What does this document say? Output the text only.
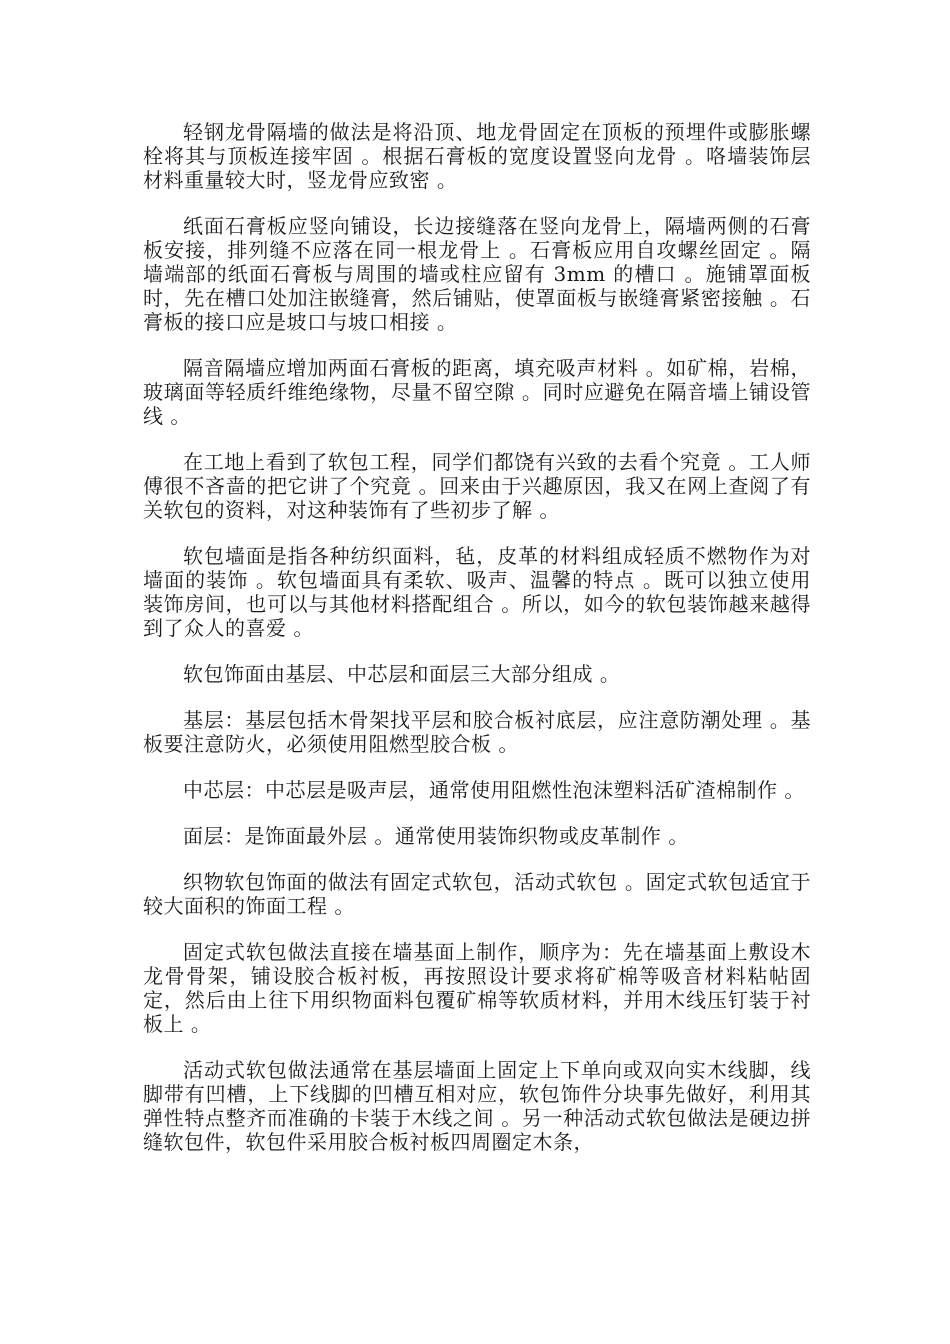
轻钢龙骨隔墙的做法是将沿顶、地龙骨固定在顶板的预埋件或膨胀螺栓将其与顶板连接牢固 。根据石膏板的宽度设置竖向龙骨 。咯墙装饰层材料重量较大时，竖龙骨应致密 。

纸面石膏板应竖向铺设，长边接缝落在竖向龙骨上，隔墙两侧的石膏板安接，排列缝不应落在同一根龙骨上 。石膏板应用自攻螺丝固定 。隔墙端部的纸面石膏板与周围的墙或柱应留有 3mm 的槽口 。施铺罩面板时，先在槽口处加注嵌缝膏，然后铺贴，使罩面板与嵌缝膏紧密接触 。石膏板的接口应是坡口与坡口相接 。

隔音隔墙应增加两面石膏板的距离，填充吸声材料 。如矿棉，岩棉，玻璃面等轻质纤维绝缘物，尽量不留空隙 。同时应避免在隔音墙上铺设管线 。

在工地上看到了软包工程，同学们都饶有兴致的去看个究竟 。工人师傅很不吝啬的把它讲了个究竟 。回来由于兴趣原因，我又在网上查阅了有关软包的资料，对这种装饰有了些初步了解 。

软包墙面是指各种纺织面料，毡，皮革的材料组成轻质不燃物作为对墙面的装饰 。软包墙面具有柔软、吸声、温馨的特点 。既可以独立使用装饰房间，也可以与其他材料搭配组合 。所以，如今的软包装饰越来越得到了众人的喜爱 。

软包饰面由基层、中芯层和面层三大部分组成 。

基层：基层包括木骨架找平层和胶合板衬底层，应注意防潮处理 。基板要注意防火，必须使用阻燃型胶合板 。

中芯层：中芯层是吸声层，通常使用阻燃性泡沫塑料活矿渣棉制作 。

面层：是饰面最外层 。通常使用装饰织物或皮革制作 。

织物软包饰面的做法有固定式软包，活动式软包 。固定式软包适宜于较大面积的饰面工程 。

固定式软包做法直接在墙基面上制作，顺序为：先在墙基面上敷设木龙骨骨架，铺设胶合板衬板，再按照设计要求将矿棉等吸音材料粘帖固定，然后由上往下用织物面料包覆矿棉等软质材料，并用木线压钉装于衬板上 。

活动式软包做法通常在基层墙面上固定上下单向或双向实木线脚，线脚带有凹槽，上下线脚的凹槽互相对应，软包饰件分块事先做好，利用其弹性特点整齐而准确的卡装于木线之间 。另一种活动式软包做法是硬边拼缝软包件，软包件采用胶合板衬板四周圈定木条，
